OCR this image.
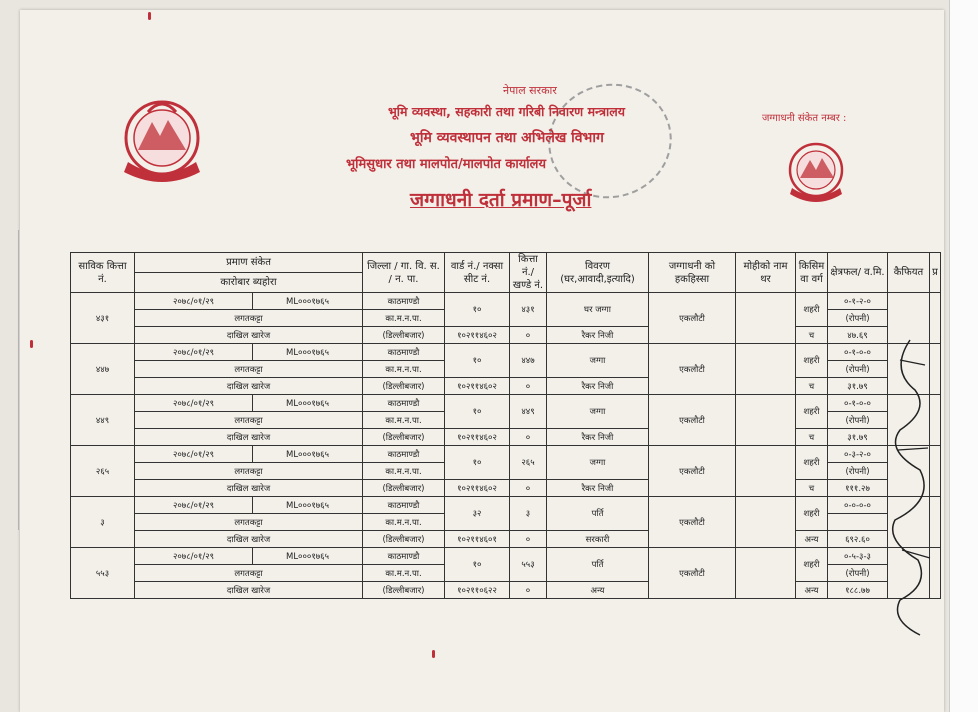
नेपाल सरकार
भूमि व्यवस्था, सहकारी तथा गरिबी निवारण मन्त्रालय
भूमि व्यवस्थापन तथा अभिलेख विभाग
भूमिसुधार तथा मालपोत/मालपोत कार्यालय
जग्गाधनी दर्ता प्रमाण–पूर्जा
जग्गाधनी संकेत नम्बर :
साविक कित्ता नं.	प्रमाण संकेत		जिल्ला / गा. वि. स. / न. पा.	वार्ड नं./ नक्सा सीट नं.	कित्ता नं./ खण्डे नं.	विवरण (घर,आवादी,इत्यादि)	जग्गाधनी को हकहिस्सा	मोहीको नाम थर	किसिम वा वर्ग	क्षेत्रफल/ व.मि.	कैफियत	प्र
	कारोबार ब्यहोरा											
४३१	२०७८/०१/२९	ML०००१७६५	काठमाण्डौ	१०	४३१	घर जग्गा	एकलौटी		शहरी	०-१-२-०		
	लगतकट्टा		का.म.न.पा.							(रोपनी)		
	दाखिल खारेज		(डिल्लीबजार)	१०२११४६०२	०	रैकर निजी			च	४७.६९		
४४७	२०७८/०१/२९	ML०००१७६५	काठमाण्डौ	१०	४४७	जग्गा	एकलौटी		शहरी	०-१-०-०		
	लगतकट्टा		का.म.न.पा.							(रोपनी)		
	दाखिल खारेज		(डिल्लीबजार)	१०२११४६०२	०	रैकर निजी			च	३१.७९		
४४९	२०७८/०१/२९	ML०००१७६५	काठमाण्डौ	१०	४४९	जग्गा	एकलौटी		शहरी	०-१-०-०		
	लगतकट्टा		का.म.न.पा.							(रोपनी)		
	दाखिल खारेज		(डिल्लीबजार)	१०२११४६०२	०	रैकर निजी			च	३१.७९		
२६५	२०७८/०१/२९	ML०००१७६५	काठमाण्डौ	१०	२६५	जग्गा	एकलौटी		शहरी	०-३-२-०		
	लगतकट्टा		का.म.न.पा.							(रोपनी)		
	दाखिल खारेज		(डिल्लीबजार)	१०२११४६०२	०	रैकर निजी			च	१११.२७		
३	२०७८/०१/२९	ML०००१७६५	काठमाण्डौ	३२	३	पर्ति	एकलौटी		शहरी	०-०-०-०		
	लगतकट्टा		का.म.न.पा.									
	दाखिल खारेज		(डिल्लीबजार)	१०२११४६०१	०	सरकारी			अन्य	६९२.६०		
५५३	२०७८/०१/२९	ML०००१७६५	काठमाण्डौ	१०	५५३	पर्ति	एकलौटी		शहरी	०-५-३-३		
	लगतकट्टा		का.म.न.पा.							(रोपनी)		
	दाखिल खारेज		(डिल्लीबजार)	१०२११०६२२	०	अन्य			अन्य	१८८.७७		
